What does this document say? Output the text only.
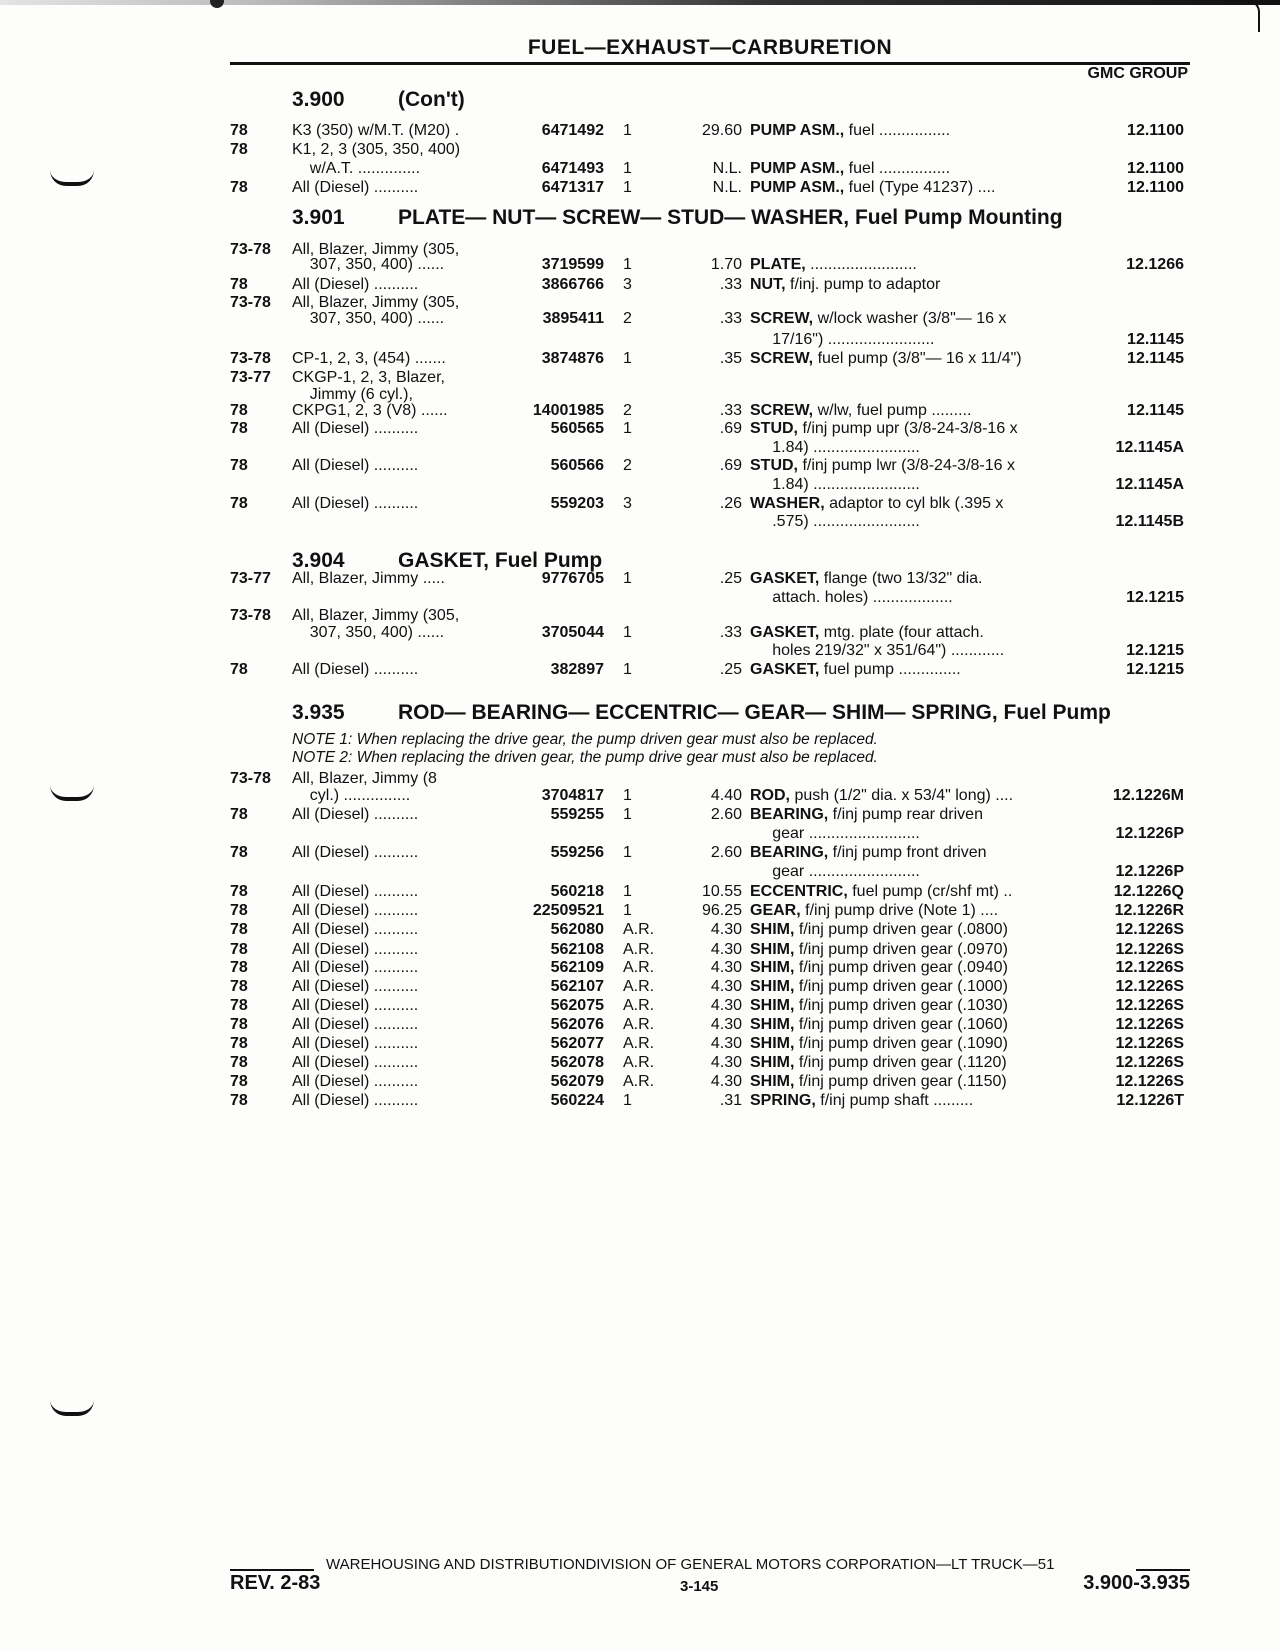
FUEL—EXHAUST—CARBURETION
GMC GROUP
3.900	(Con't)
3.901	PLATE— NUT— SCREW— STUD— WASHER, Fuel Pump Mounting
3.904	GASKET, Fuel Pump
3.935	ROD— BEARING— ECCENTRIC— GEAR— SHIM— SPRING, Fuel Pump
NOTE 1: When replacing the drive gear, the pump driven gear must also be replaced.
NOTE 2: When replacing the driven gear, the pump drive gear must also be replaced.
78	K3 (350) w/M.T. (M20) .	6471492 1	29.60 PUMP ASM., fuel ................	12.1100
78	K1, 2, 3 (305, 350, 400)
w/A.T. ..............	6471493 1	N.L. PUMP ASM., fuel ................	12.1100
78	All (Diesel) ..........	6471317 1	N.L. PUMP ASM., fuel (Type 41237) ....	12.1100
73-78 All, Blazer, Jimmy (305,
307, 350, 400) ......	3719599 1	1.70 PLATE, ........................	12.1266
78	All (Diesel) ..........	3866766 3	.33 NUT, f/inj. pump to adaptor
73-78 All, Blazer, Jimmy (305,
307, 350, 400) ......	3895411 2	.33 SCREW, w/lock washer (3/8"— 16 x
17/16") ........................	12.1145
73-78 CP-1, 2, 3, (454) .......	3874876 1	.35 SCREW, fuel pump (3/8"— 16 x 11/4")	12.1145
73-77 CKGP-1, 2, 3, Blazer,
Jimmy (6 cyl.),
78	CKPG1, 2, 3 (V8) ......	14001985 2	.33 SCREW, w/lw, fuel pump .........	12.1145
78	All (Diesel) ..........	560565 1	.69 STUD, f/inj pump upr (3/8-24-3/8-16 x
1.84) ........................	12.1145A
78	All (Diesel) ..........	560566 2	.69 STUD, f/inj pump lwr (3/8-24-3/8-16 x
1.84) ........................	12.1145A
78	All (Diesel) ..........	559203 3	.26 WASHER, adaptor to cyl blk (.395 x
.575) ........................	12.1145B
73-77 All, Blazer, Jimmy .....	9776705 1	.25 GASKET, flange (two 13/32" dia.
attach. holes) ..................	12.1215
73-78 All, Blazer, Jimmy (305,
307, 350, 400) ......	3705044 1	.33 GASKET, mtg. plate (four attach.
holes 219/32" x 351/64") ............	12.1215
78	All (Diesel) ..........	382897 1	.25 GASKET, fuel pump ..............	12.1215
73-78 All, Blazer, Jimmy (8
cyl.) ...............	3704817 1	4.40 ROD, push (1/2" dia. x 53/4" long) ....	12.1226M
78	All (Diesel) ..........	559255 1	2.60 BEARING, f/inj pump rear driven
gear .........................	12.1226P
78	All (Diesel) ..........	559256 1	2.60 BEARING, f/inj pump front driven
gear .........................	12.1226P
78	All (Diesel) ..........	560218 1	10.55 ECCENTRIC, fuel pump (cr/shf mt) ..	12.1226Q
78	All (Diesel) ..........	22509521 1	96.25 GEAR, f/inj pump drive (Note 1) ....	12.1226R
78	All (Diesel) ..........	562080 A.R.	4.30 SHIM, f/inj pump driven gear (.0800)	12.1226S
78	All (Diesel) ..........	562108 A.R.	4.30 SHIM, f/inj pump driven gear (.0970)	12.1226S
78	All (Diesel) ..........	562109 A.R.	4.30 SHIM, f/inj pump driven gear (.0940)	12.1226S
78	All (Diesel) ..........	562107 A.R.	4.30 SHIM, f/inj pump driven gear (.1000)	12.1226S
78	All (Diesel) ..........	562075 A.R.	4.30 SHIM, f/inj pump driven gear (.1030)	12.1226S
78	All (Diesel) ..........	562076 A.R.	4.30 SHIM, f/inj pump driven gear (.1060)	12.1226S
78	All (Diesel) ..........	562077 A.R.	4.30 SHIM, f/inj pump driven gear (.1090)	12.1226S
78	All (Diesel) ..........	562078 A.R.	4.30 SHIM, f/inj pump driven gear (.1120)	12.1226S
78	All (Diesel) ..........	562079 A.R.	4.30 SHIM, f/inj pump driven gear (.1150)	12.1226S
78	All (Diesel) ..........	560224 1	.31 SPRING, f/inj pump shaft .........	12.1226T
WAREHOUSING AND DISTRIBUTIONDIVISION OF GENERAL MOTORS CORPORATION—LT TRUCK—51
REV. 2-83	3-145	3.900-3.935
